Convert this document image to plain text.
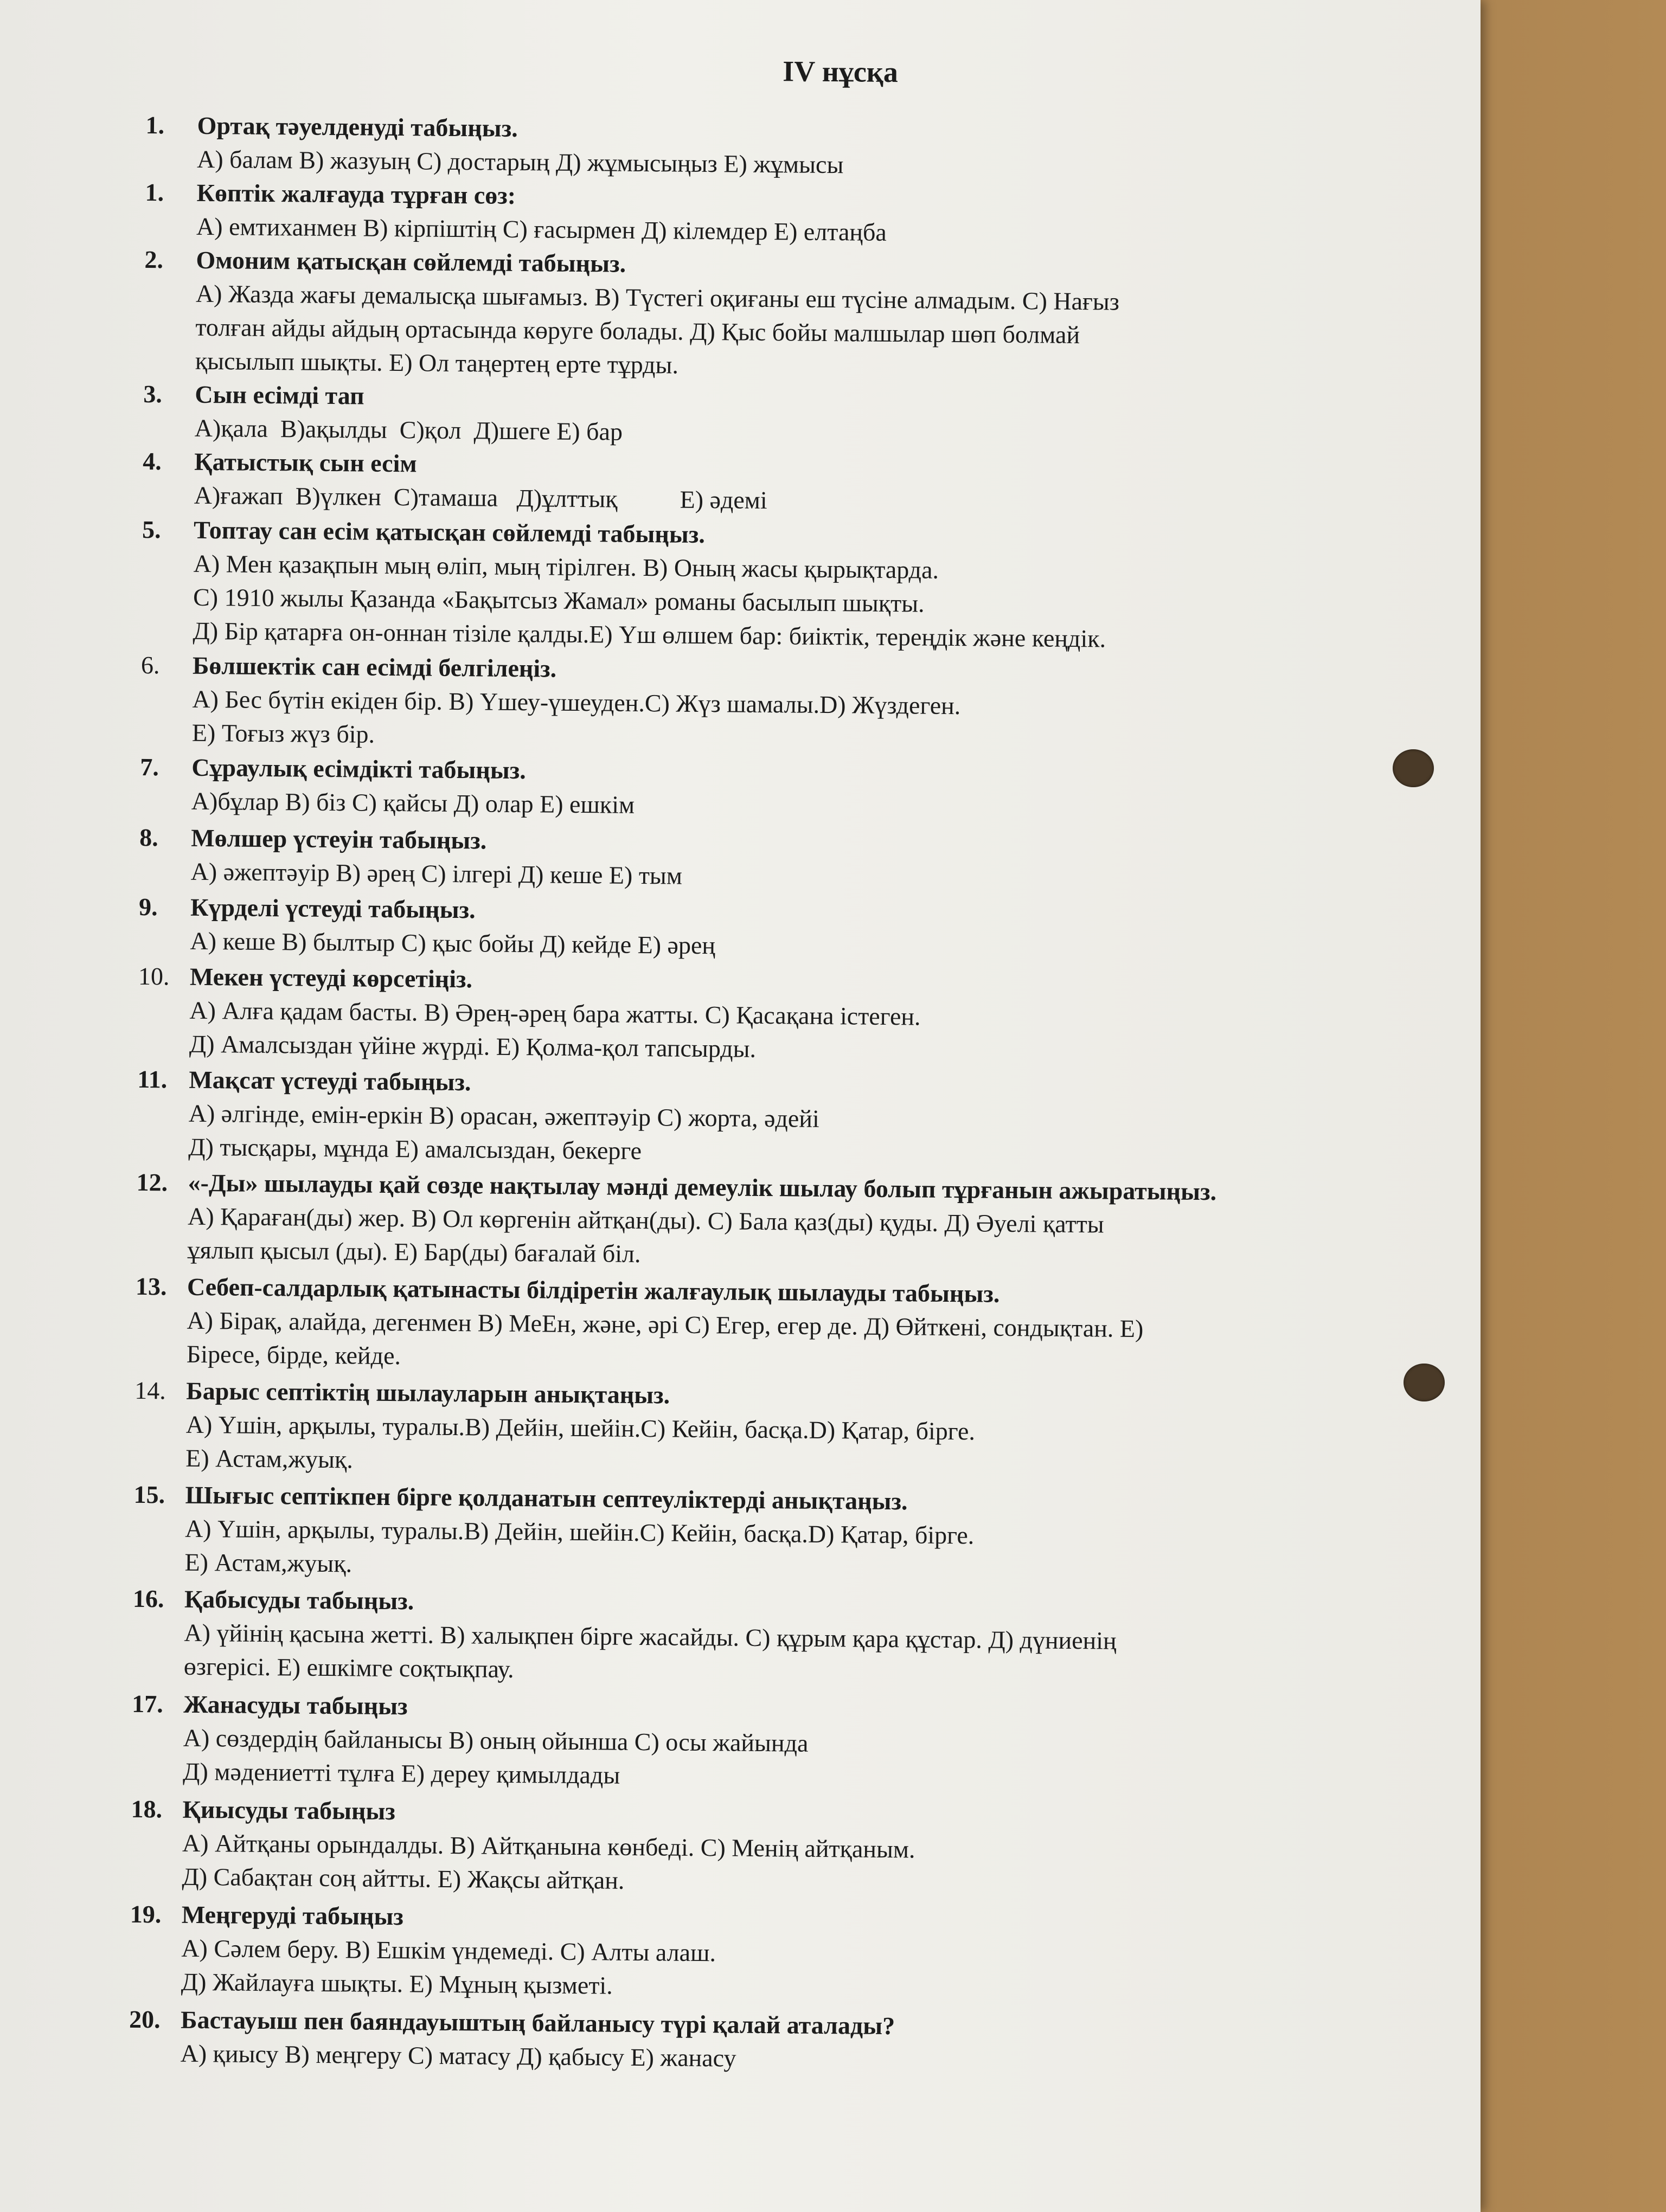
IV нұсқа
1.	Ортақ тәуелденуді табыңыз.
А) балам В) жазуың С) достарың Д) жұмысыңыз Е) жұмысы
1.	Көптік жалғауда тұрған сөз:
А) емтиханмен В) кірпіштің С) ғасырмен Д) кілемдер Е) елтаңба
2.	Омоним қатысқан сөйлемді табыңыз.
А) Жазда жағы демалысқа шығамыз. В) Түстегі оқиғаны еш түсіне алмадым. С) Нағыз
толған айды айдың ортасында көруге болады. Д) Қыс бойы малшылар шөп болмай
қысылып шықты. Е) Ол таңертең ерте тұрды.
3.	Сын есімді тап
А)қала  В)ақылды  С)қол  Д)шеге Е) бар
4.	Қатыстық сын есім
А)ғажап  В)үлкен  С)тамаша   Д)ұлттық          Е) әдемі
5.	Топтау сан есім қатысқан сөйлемді табыңыз.
А) Мен қазақпын мың өліп, мың тірілген. В) Оның жасы қырықтарда.
С) 1910 жылы Қазанда «Бақытсыз Жамал» романы басылып шықты.
Д) Бір қатарға он-оннан тізіле қалды.Е) Үш өлшем бар: биіктік, тереңдік және кеңдік.
6.	Бөлшектік сан есімді белгілеңіз.
А) Бес бүтін екіден бір. В) Үшеу-үшеуден.С) Жүз шамалы.D) Жүздеген.
Е) Тоғыз жүз бір.
7.	Сұраулық есімдікті табыңыз.
А)бұлар В) біз С) қайсы Д) олар Е) ешкім
8.	Мөлшер үстеуін табыңыз.
А) әжептәуір В) әрең С) ілгері Д) кеше Е) тым
9.	Күрделі үстеуді табыңыз.
А) кеше В) былтыр С) қыс бойы Д) кейде Е) әрең
10. Мекен үстеуді көрсетіңіз.
А) Алға қадам басты. В) Әрең-әрең бара жатты. С) Қасақана істеген.
Д) Амалсыздан үйіне жүрді. Е) Қолма-қол тапсырды.
11. Мақсат үстеуді табыңыз.
А) әлгінде, емін-еркін В) орасан, әжептәуір С) жорта, әдейі
Д) тысқары, мұнда Е) амалсыздан, бекерге
12. «-Ды» шылауды қай сөзде нақтылау мәнді демеулік шылау болып тұрғанын ажыратыңыз.
А) Қараған(ды) жер. В) Ол көргенін айтқан(ды). С) Бала қаз(ды) қуды. Д) Әуелі қатты
ұялып қысыл (ды). Е) Бар(ды) бағалай біл.
13. Себеп-салдарлық қатынасты білдіретін жалғаулық шылауды табыңыз.
А) Бірақ, алайда, дегенмен В) МеЕн, және, әрі С) Егер, егер де. Д) Өйткені, сондықтан. Е)
Біресе, бірде, кейде.
14. Барыс септіктің шылауларын анықтаңыз.
А) Үшін, арқылы, туралы.В) Дейін, шейін.С) Кейін, басқа.D) Қатар, бірге.
Е) Астам,жуық.
15. Шығыс септікпен бірге қолданатын септеуліктерді анықтаңыз.
А) Үшін, арқылы, туралы.В) Дейін, шейін.С) Кейін, басқа.D) Қатар, бірге.
Е) Астам,жуық.
16. Қабысуды табыңыз.
А) үйінің қасына жетті. В) халықпен бірге жасайды. С) құрым қара құстар. Д) дүниенің
өзгерісі. Е) ешкімге соқтықпау.
17. Жанасуды табыңыз
А) сөздердің байланысы В) оның ойынша С) осы жайында
Д) мәдениетті тұлға Е) дереу қимылдады
18. Қиысуды табыңыз
А) Айтқаны орындалды. В) Айтқанына көнбеді. С) Менің айтқаным.
Д) Сабақтан соң айтты. Е) Жақсы айтқан.
19. Меңгеруді табыңыз
А) Сәлем беру. В) Ешкім үндемеді. С) Алты алаш.
Д) Жайлауға шықты. Е) Мұның қызметі.
20. Бастауыш пен баяндауыштың байланысу түрі қалай аталады?
А) қиысу В) меңгеру С) матасу Д) қабысу Е) жанасу
